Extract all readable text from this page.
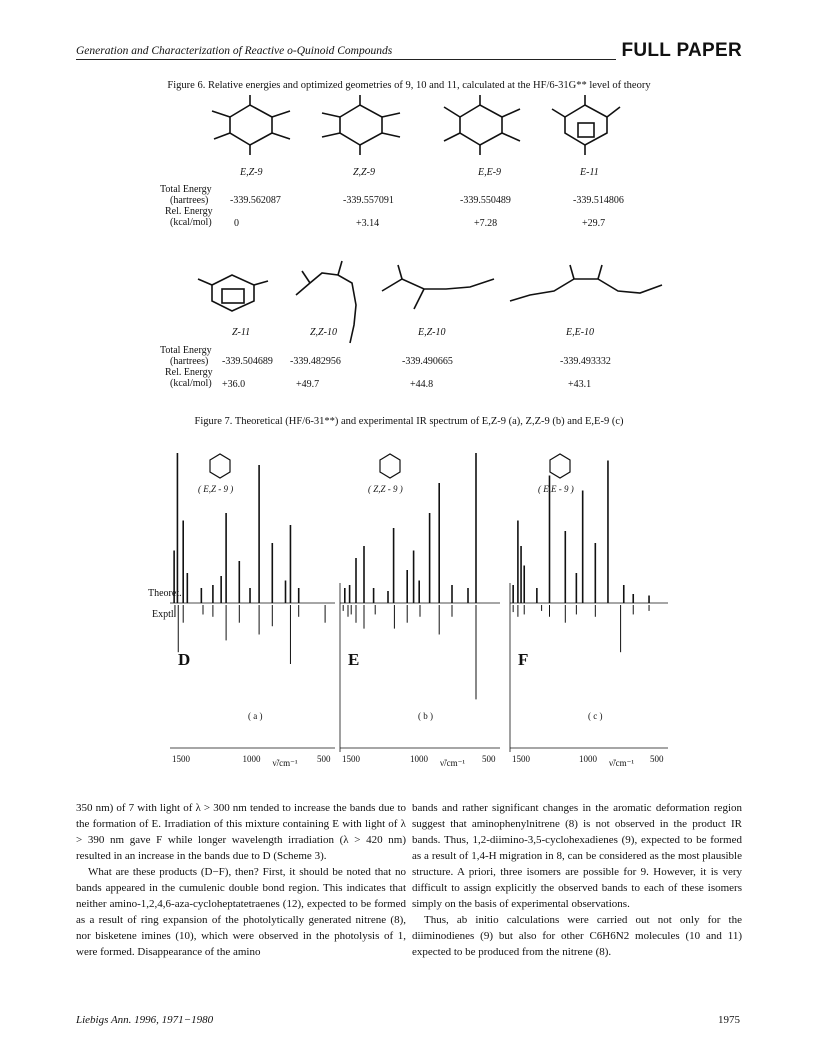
Generation and Characterization of Reactive o-Quinoid Compounds	FULL PAPER
Figure 6. Relative energies and optimized geometries of 9, 10 and 11, calculated at the HF/6-31G** level of theory
E,Z-9	Z,Z-9	E,E-9	E-11
Total Energy
(hartrees)
Rel. Energy
(kcal/mol)
-339.562087	-339.557091	-339.550489	-339.514806
0	+3.14	+7.28	+29.7
Z-11	Z,Z-10	E,Z-10	E,E-10
Total Energy
(hartrees)
Rel. Energy
(kcal/mol)
-339.504689 -339.482956	-339.490665	-339.493332
+36.0	+49.7	+44.8	+43.1
Figure 7. Theoretical (HF/6-31**) and experimental IR spectrum of E,Z-9 (a), Z,Z-9 (b) and E,E-9 (c)
Theoret.
Exptl.
1500	1000	500
ν̃/cm⁻¹
D
( a )
( E,Z - 9 )
1500	1000	500
ν̃/cm⁻¹
E
( b )
( Z,Z - 9 )
1500	1000	500
ν̃/cm⁻¹
F
( c )
( E,E - 9 )

350 nm) of 7 with light of λ > 300 nm tended to increase the bands due to the formation of E. Irradiation of this mixture containing E with light of λ > 390 nm gave F while longer wavelength irradiation (λ > 420 nm) resulted in an increase in the bands due to D (Scheme 3).

What are these products (D−F), then? First, it should be noted that no bands appeared in the cumulenic double bond region. This indicates that neither amino-1,2,4,6-aza-cycloheptatetraenes (12), expected to be formed as a result of ring expansion of the photolytically generated nitrene (8), nor bisketene imines (10), which were observed in the photolysis of 1, were formed. Disappearance of the amino

bands and rather significant changes in the aromatic deformation region suggest that aminophenylnitrene (8) is not observed in the product IR bands. Thus, 1,2-diimino-3,5-cyclohexadienes (9), expected to be formed as a result of 1,4-H migration in 8, can be considered as the most plausible structure. A priori, three isomers are possible for 9. However, it is very difficult to assign explicitly the observed bands to each of these isomers simply on the basis of experimental observations.

Thus, ab initio calculations were carried out not only for the diiminodienes (9) but also for other C6H6N2 molecules (10 and 11) expected to be produced from the nitrene (8).

Liebigs Ann. 1996, 1971−1980	1975
